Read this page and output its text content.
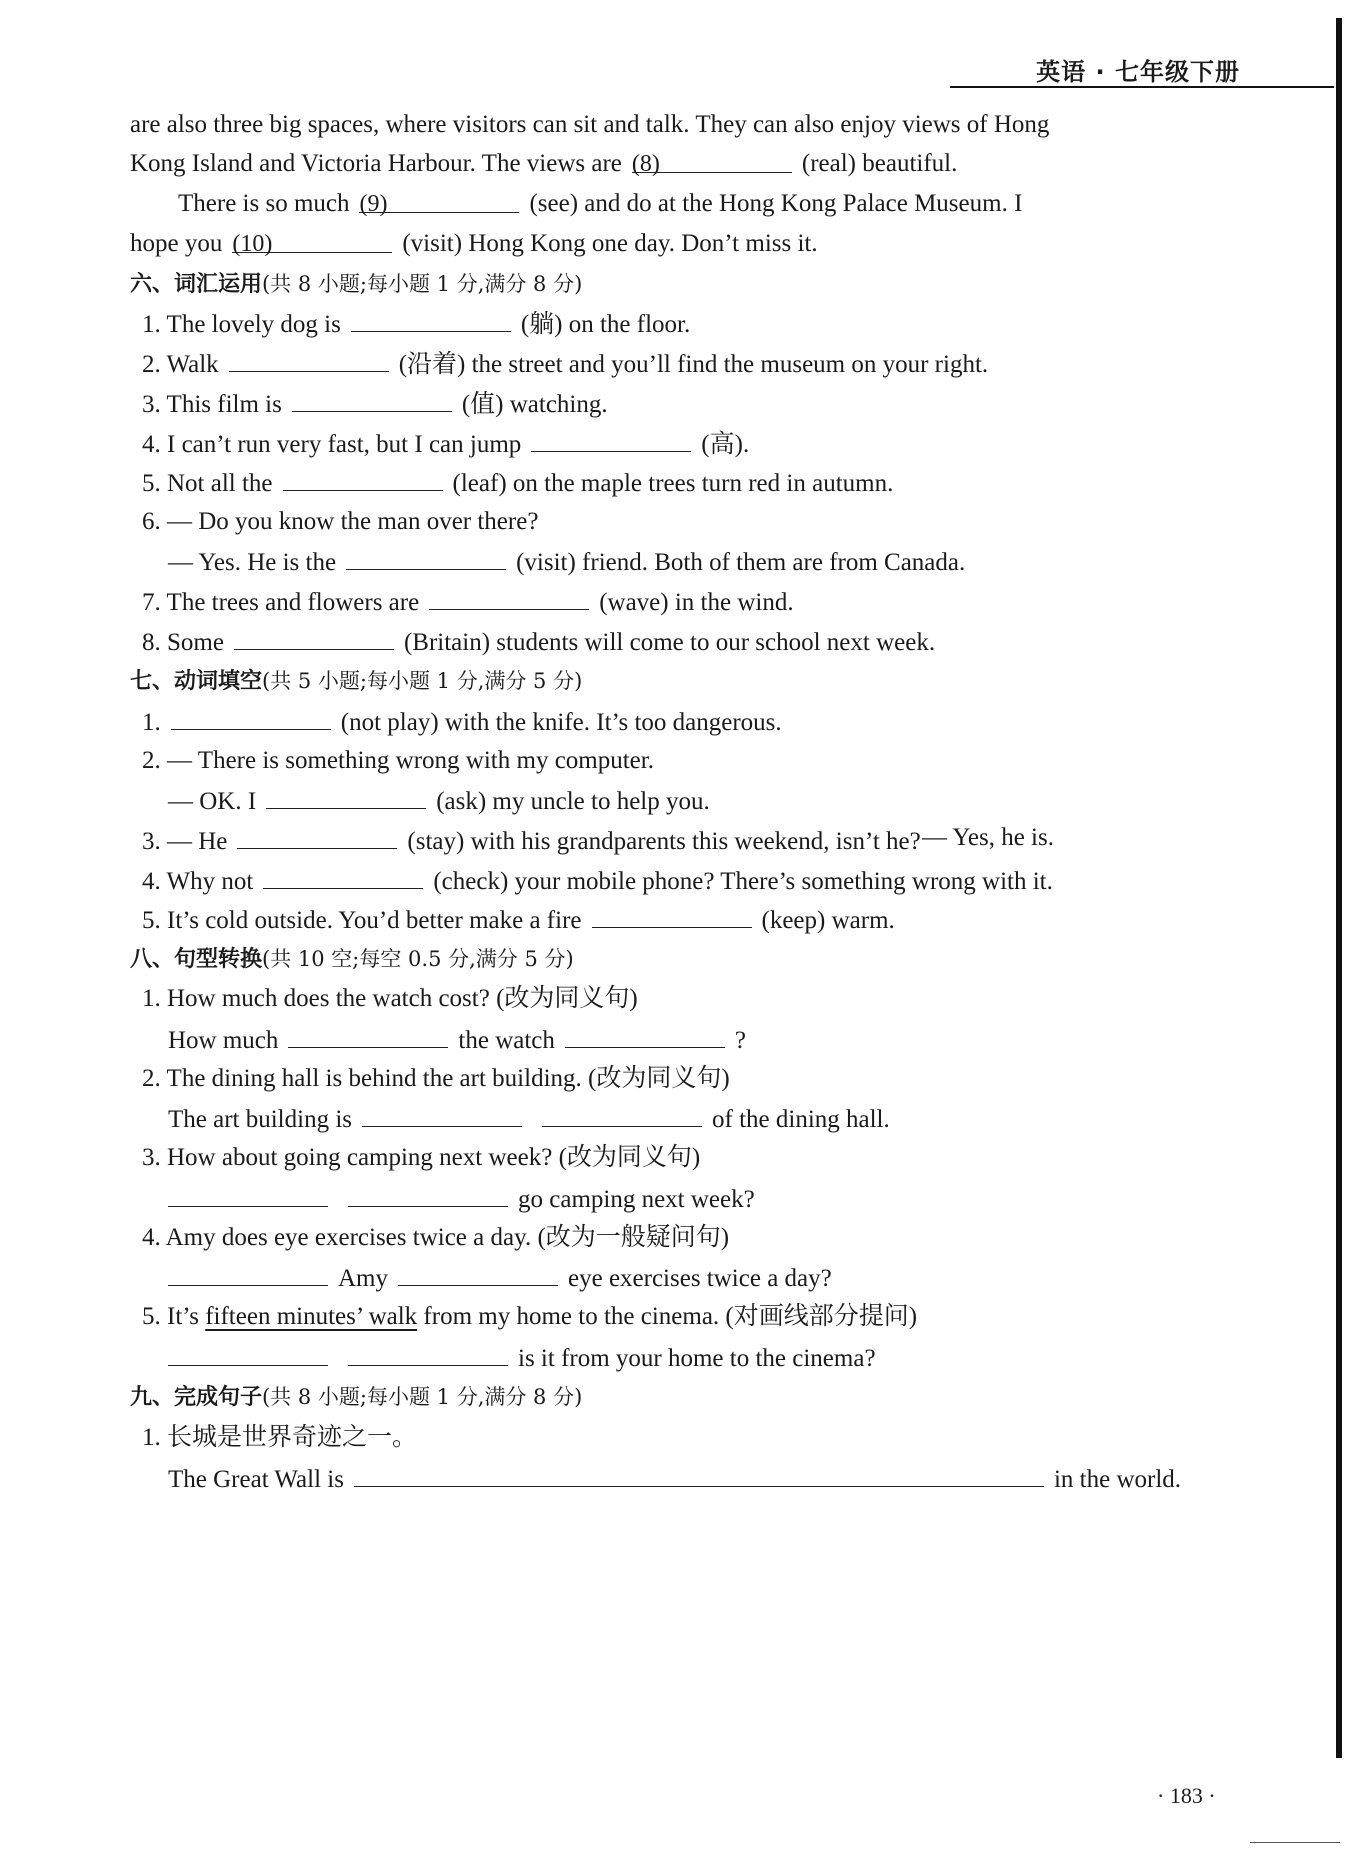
英语 · 七年级下册
are also three big spaces, where visitors can sit and talk. They can also enjoy views of Hong
Kong Island and Victoria Harbour. The views are (8)	(real) beautiful.
There is so much (9)	(see) and do at the Hong Kong Palace Museum. I
hope you (10)	(visit) Hong Kong one day. Don’t miss it.
六、词汇运用(共 8 小题;每小题 1 分,满分 8 分)
1. The lovely dog is	(躺) on the floor.
2. Walk	(沿着) the street and you’ll find the museum on your right.
3. This film is	(值) watching.
4. I can’t run very fast, but I can jump	(高).
5. Not all the	(leaf) on the maple trees turn red in autumn.
6. — Do you know the man over there?
— Yes. He is the	(visit) friend. Both of them are from Canada.
7. The trees and flowers are	(wave) in the wind.
8. Some	(Britain) students will come to our school next week.
七、动词填空(共 5 小题;每小题 1 分,满分 5 分)
1.	(not play) with the knife. It’s too dangerous.
2. — There is something wrong with my computer.
— OK. I	(ask) my uncle to help you.
3. — He	(stay) with his grandparents this weekend, isn’t he? — Yes, he is.
4. Why not	(check) your mobile phone? There’s something wrong with it.
5. It’s cold outside. You’d better make a fire	(keep) warm.
八、句型转换(共 10 空;每空 0.5 分,满分 5 分)
1. How much does the watch cost? (改为同义句)
How much	the watch	?
2. The dining hall is behind the art building. (改为同义句)
The art building is	of the dining hall.
3. How about going camping next week? (改为同义句)
go camping next week?
4. Amy does eye exercises twice a day. (改为一般疑问句)
Amy	eye exercises twice a day?
5. It’s fifteen minutes’ walk from my home to the cinema. (对画线部分提问)
is it from your home to the cinema?
九、完成句子(共 8 小题;每小题 1 分,满分 8 分)
1. 长城是世界奇迹之一。
The Great Wall is	in the world.
· 183 ·
